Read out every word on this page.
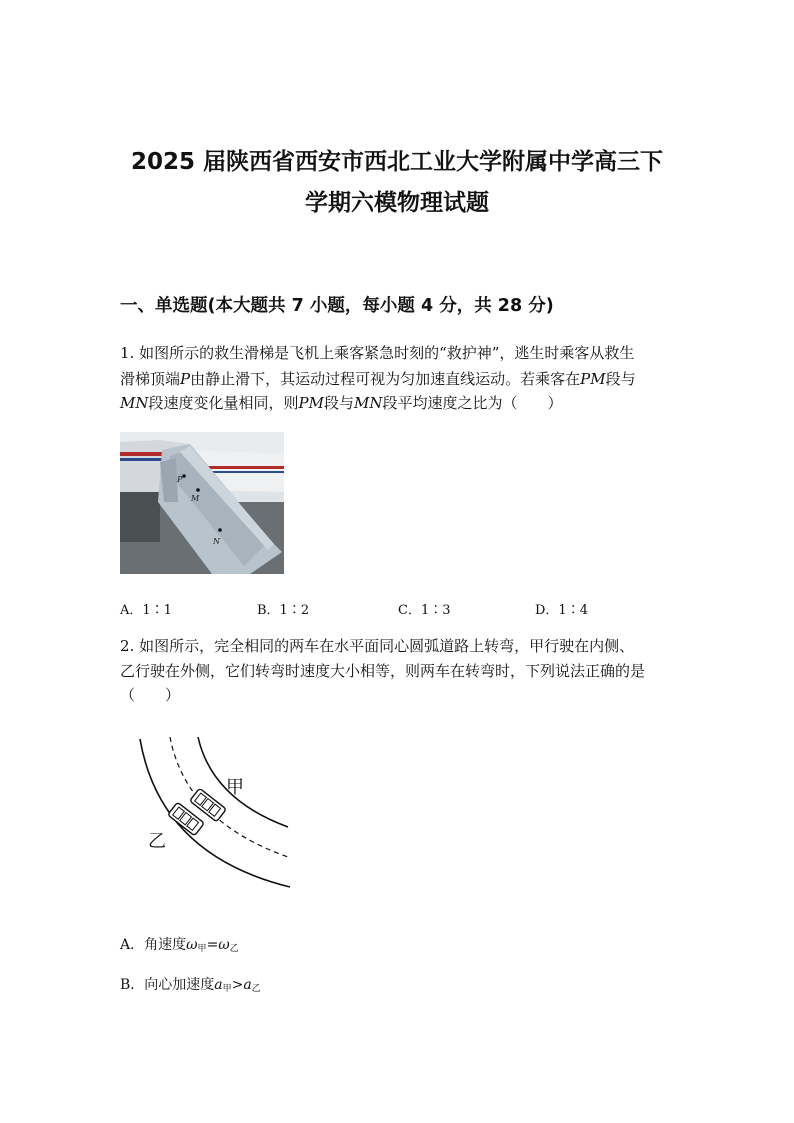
2025 届陕西省西安市西北工业大学附属中学高三下
学期六模物理试题
一、单选题(本大题共 7 小题，每小题 4 分，共 28 分)
1. 如图所示的救生滑梯是飞机上乘客紧急时刻的“救护神”，逃生时乘客从救生
滑梯顶端P由静止滑下，其运动过程可视为匀加速直线运动。若乘客在PM段与
MN段速度变化量相同，则PM段与MN段平均速度之比为（　　）
P
M
N
A．1∶1	B．1∶2	C．1∶3	D．1∶4
2. 如图所示，完全相同的两车在水平面同心圆弧道路上转弯，甲行驶在内侧、
乙行驶在外侧，它们转弯时速度大小相等，则两车在转弯时，下列说法正确的是
（　　）
甲
乙
A．角速度$\omega_甲=\omega_乙$
B．向心加速度$a_甲>a_乙$
